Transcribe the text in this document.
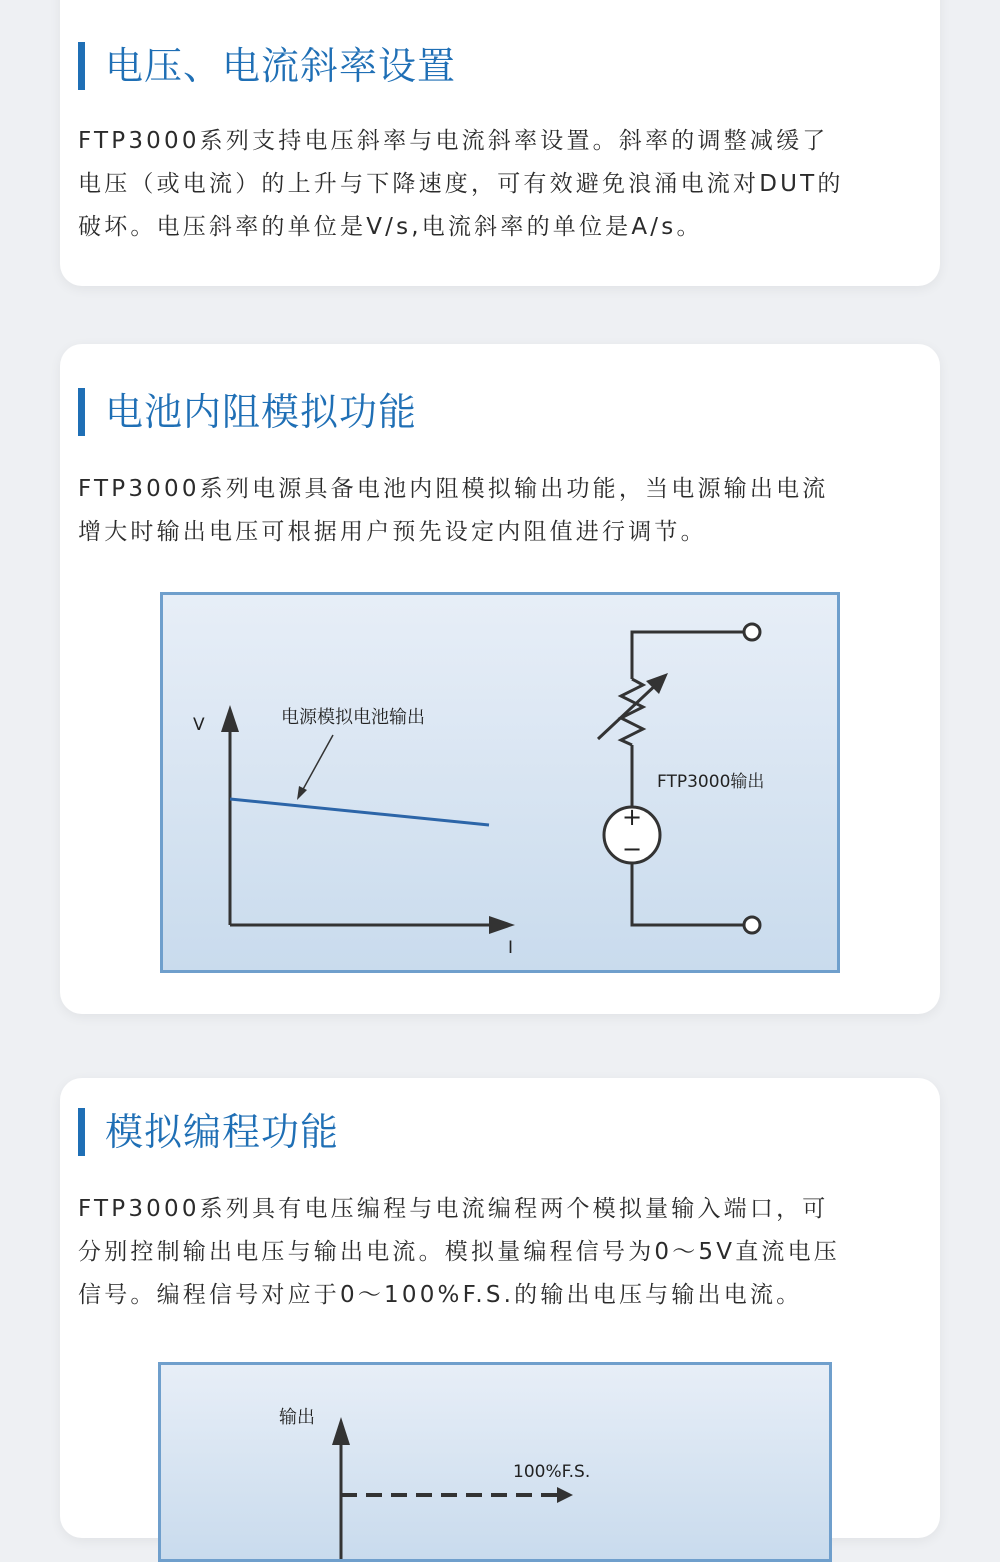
电压、电流斜率设置

FTP3000系列支持电压斜率与电流斜率设置。斜率的调整减缓了

电压（或电流）的上升与下降速度，可有效避免浪涌电流对DUT的

破坏。电压斜率的单位是V/s,电流斜率的单位是A/s。

电池内阻模拟功能

FTP3000系列电源具备电池内阻模拟输出功能，当电源输出电流

增大时输出电压可根据用户预先设定内阻值进行调节。

V
I
电源模拟电池输出
+
−
FTP3000输出
模拟编程功能

FTP3000系列具有电压编程与电流编程两个模拟量输入端口，可

分别控制输出电压与输出电流。模拟量编程信号为0～5V直流电压

信号。编程信号对应于0～100%F.S.的输出电压与输出电流。

输出
100%F.S.
